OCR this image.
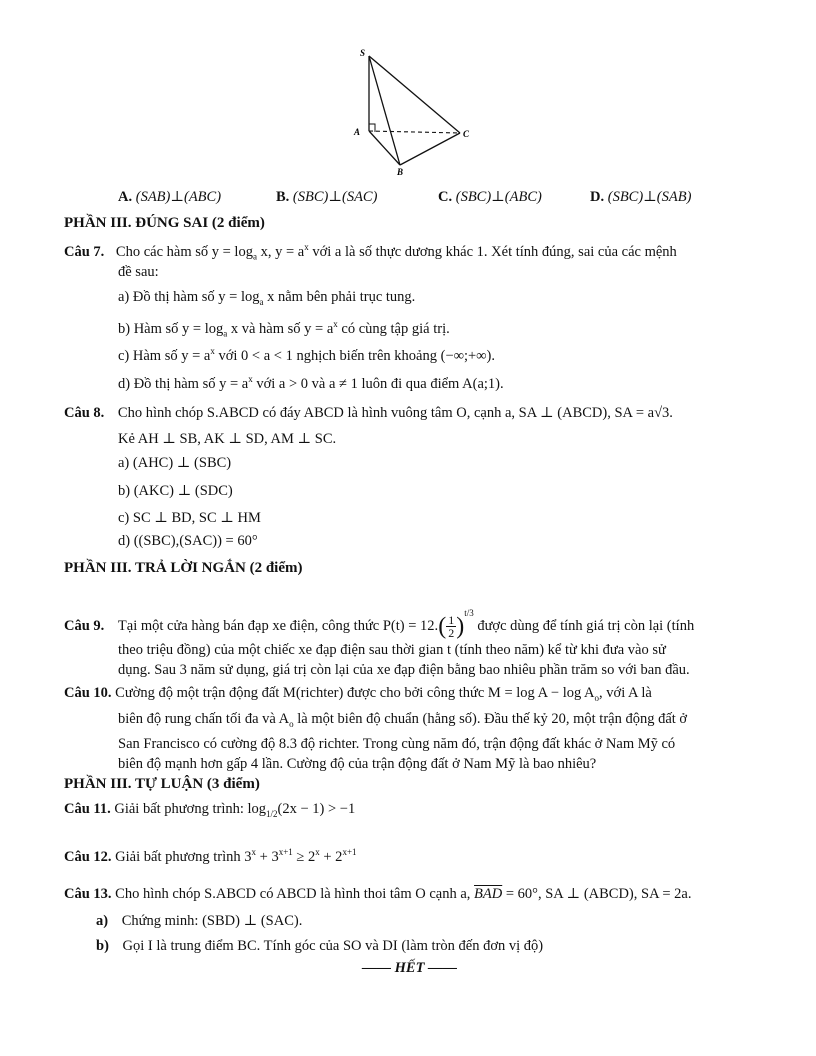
S
A
B
C
A. (SAB)⊥(ABC)	B. (SBC)⊥(SAC)	C. (SBC)⊥(ABC)	D. (SBC)⊥(SAB)
PHẦN III. ĐÚNG SAI (2 điểm)
Câu 7. Cho các hàm số $y = \log_a x$, $y = a^x$ với a là số thực dương khác 1. Xét tính đúng, sai của các mệnh
đề sau:
a) Đồ thị hàm số $y = \log_a x$ nằm bên phải trục tung.
b) Hàm số $y = \log_a x$ và hàm số $y = a^x$ có cùng tập giá trị.
c) Hàm số $y = a^x$ với 0 < a < 1 nghịch biến trên khoảng (−∞;+∞).
d) Đồ thị hàm số $y = a^x$ với a > 0 và a ≠ 1 luôn đi qua điểm A(a;1).
Câu 8. Cho hình chóp S.ABCD có đáy ABCD là hình vuông tâm O, cạnh a, SA ⊥ (ABCD), SA = a√3.
Kẻ AH ⊥ SB, AK ⊥ SD, AM ⊥ SC.
a) (AHC) ⊥ (SBC)
b) (AKC) ⊥ (SDC)
c) SC ⊥ BD, SC ⊥ HM
d) ((SBC),(SAC)) = 60°
PHẦN III. TRẢ LỜI NGẮN (2 điểm)
Câu 9. Tại một cửa hàng bán đạp xe điện, công thức $P(t) = 12.( \frac{1}{2} )^{t/3}$ được dùng để tính giá trị còn lại (tính
theo triệu đồng) của một chiếc xe đạp điện sau thời gian t (tính theo năm) kể từ khi đưa vào sử
dụng. Sau 3 năm sử dụng, giá trị còn lại của xe đạp điện bằng bao nhiêu phần trăm so với ban đầu.
Câu 10. Cường độ một trận động đất M(richter) được cho bởi công thức $M = \log A - \log A_o$, với A là
biên độ rung chấn tối đa và $A_o$ là một biên độ chuẩn (hằng số). Đầu thế kỷ 20, một trận động đất ở
San Francisco có cường độ 8.3 độ richter. Trong cùng năm đó, trận động đất khác ở Nam Mỹ có
biên độ mạnh hơn gấp 4 lần. Cường độ của trận động đất ở Nam Mỹ là bao nhiêu?
PHẦN III. TỰ LUẬN (3 điểm)
Câu 11. Giải bất phương trình: $\log_{1/2}(2x - 1) > -1$
Câu 12. Giải bất phương trình $3^x + 3^{x+1} \ge 2^x + 2^{x+1}$
Câu 13. Cho hình chóp S.ABCD có ABCD là hình thoi tâm O cạnh a, $\overline{BAD} = 60^\circ$, SA ⊥ (ABCD), SA = 2a.
a) Chứng minh: (SBD) ⊥ (SAC).
b) Gọi I là trung điểm BC. Tính góc của SO và DI (làm tròn đến đơn vị độ)
—— HẾT ——
